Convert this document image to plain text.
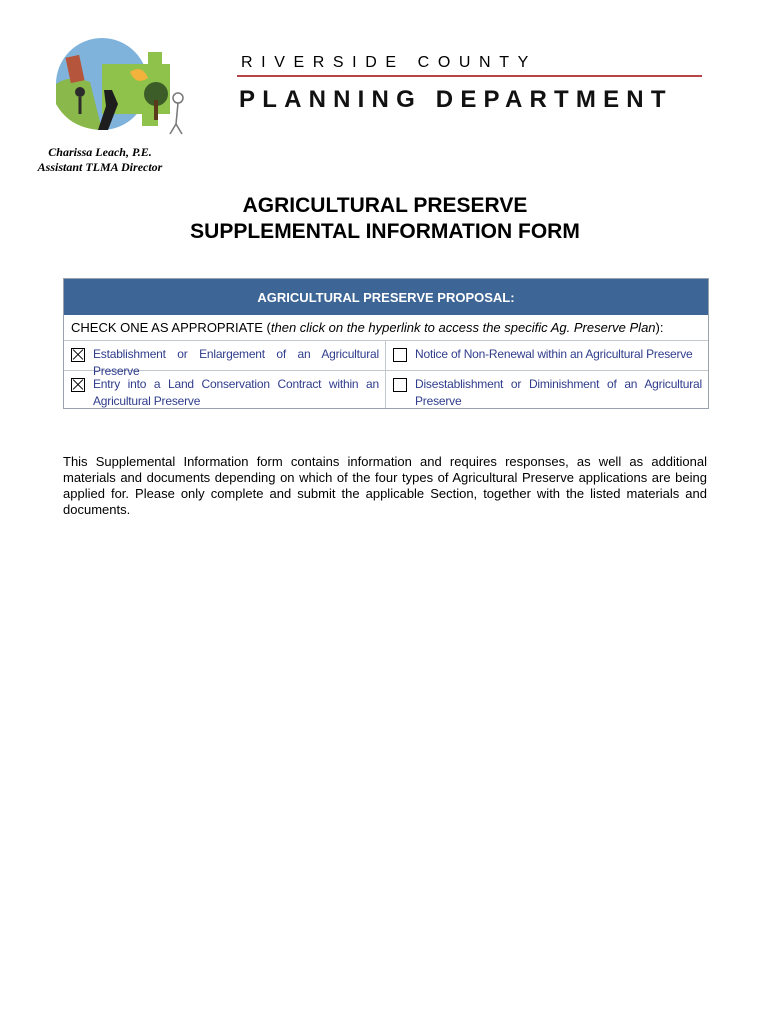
Charissa Leach, P.E.
Assistant TLMA Director
RIVERSIDE COUNTY
PLANNING DEPARTMENT
AGRICULTURAL PRESERVE
SUPPLEMENTAL INFORMATION FORM
AGRICULTURAL PRESERVE PROPOSAL:
CHECK ONE AS APPROPRIATE (then click on the hyperlink to access the specific Ag. Preserve Plan):
Establishment or Enlargement of an Agricultural Preserve
Notice of Non-Renewal within an Agricultural Preserve
Entry into a Land Conservation Contract within an Agricultural Preserve
Disestablishment or Diminishment of an Agricultural Preserve
This Supplemental Information form contains information and requires responses, as well as additional materials and documents depending on which of the four types of Agricultural Preserve applications are being applied for. Please only complete and submit the applicable Section, together with the listed materials and documents.
